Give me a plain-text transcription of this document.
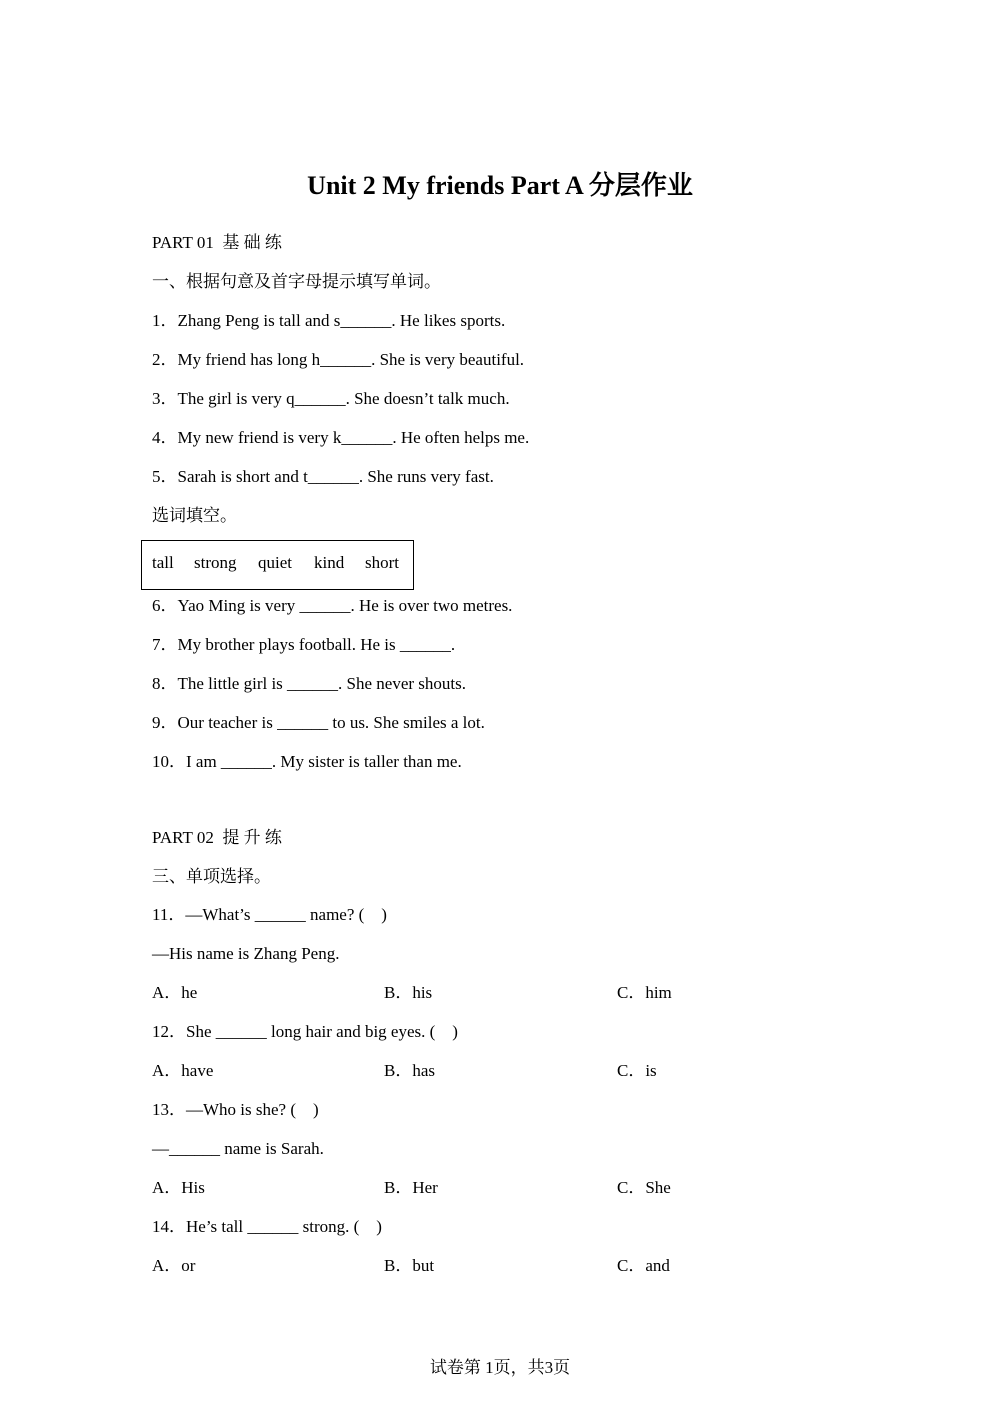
Unit 2 My friends Part A 分层作业
PART 01  基 础 练
一、根据句意及首字母提示填写单词。
1．Zhang Peng is tall and s______. He likes sports.
2．My friend has long h______. She is very beautiful.
3．The girl is very q______. She doesn’t talk much.
4．My new friend is very k______. He often helps me.
5．Sarah is short and t______. She runs very fast.
选词填空。
tall strong quiet kind short
6．Yao Ming is very ______. He is over two metres.
7．My brother plays football. He is ______.
8．The little girl is ______. She never shouts.
9．Our teacher is ______ to us. She smiles a lot.
10．I am ______. My sister is taller than me.
PART 02  提 升 练
三、单项选择。
11．—What’s ______ name? (    )
—His name is Zhang Peng.
A．he	B．his	C．him
12．She ______ long hair and big eyes. (    )
A．have	B．has	C．is
13．—Who is she? (    )
—______ name is Sarah.
A．His	B．Her	C．She
14．He’s tall ______ strong. (    )
A．or	B．but	C．and
试卷第 1页，共3页
